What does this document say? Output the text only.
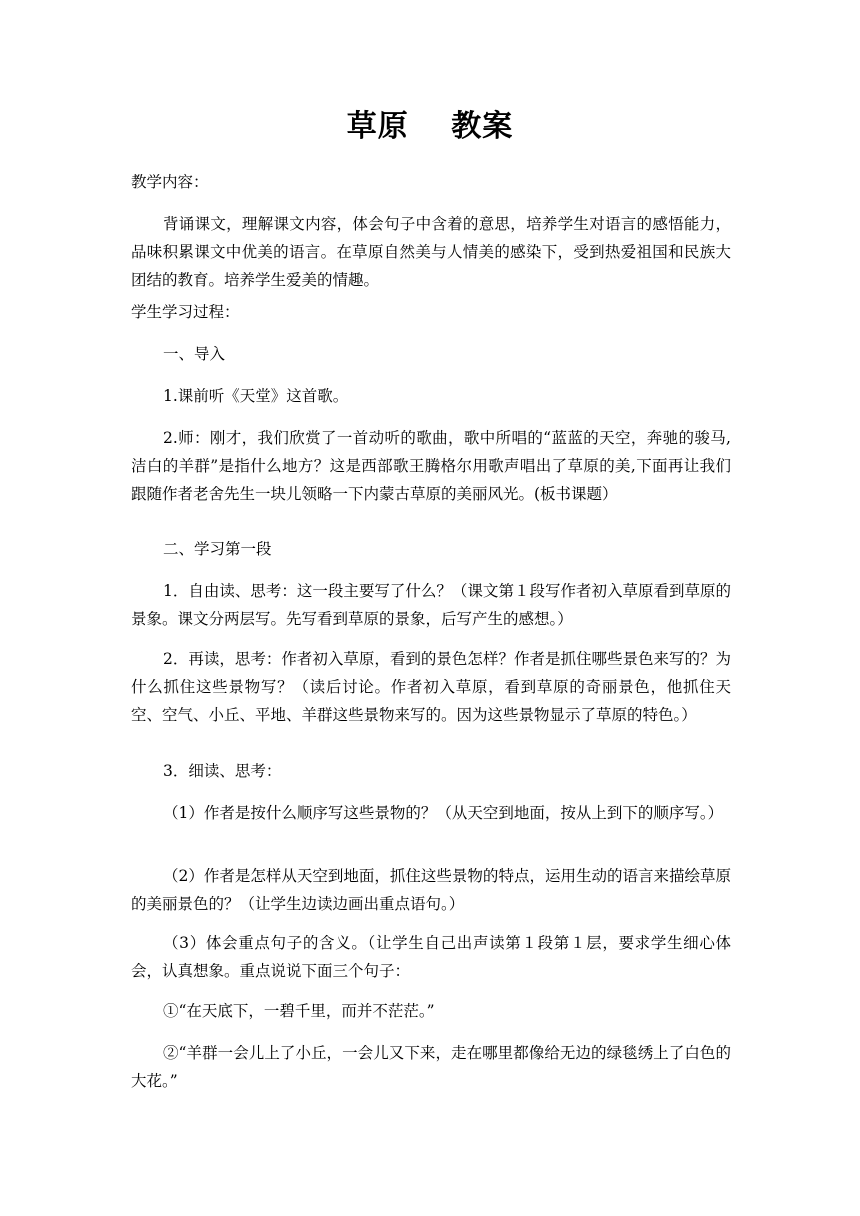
草原　 教案

教学内容：

背诵课文，理解课文内容，体会句子中含着的意思，培养学生对语言的感悟能力，品味积累课文中优美的语言。在草原自然美与人情美的感染下，受到热爱祖国和民族大团结的教育。培养学生爱美的情趣。

学生学习过程：

一、导入

1.课前听《天堂》这首歌。

2.师：刚才，我们欣赏了一首动听的歌曲，歌中所唱的“蓝蓝的天空，奔驰的骏马,洁白的羊群”是指什么地方？这是西部歌王腾格尔用歌声唱出了草原的美,下面再让我们跟随作者老舍先生一块儿领略一下内蒙古草原的美丽风光。(板书课题）

二、学习第一段

1．自由读、思考：这一段主要写了什么？（课文第１段写作者初入草原看到草原的景象。课文分两层写。先写看到草原的景象，后写产生的感想。）

2．再读，思考：作者初入草原，看到的景色怎样？作者是抓住哪些景色来写的？为什么抓住这些景物写？（读后讨论。作者初入草原，看到草原的奇丽景色，他抓住天空、空气、小丘、平地、羊群这些景物来写的。因为这些景物显示了草原的特色。）

3．细读、思考：

（1）作者是按什么顺序写这些景物的？（从天空到地面，按从上到下的顺序写。）

（2）作者是怎样从天空到地面，抓住这些景物的特点，运用生动的语言来描绘草原的美丽景色的？（让学生边读边画出重点语句。）

（3）体会重点句子的含义。（让学生自己出声读第１段第１层，要求学生细心体会，认真想象。重点说说下面三个句子：

①“在天底下，一碧千里，而并不茫茫。”

②“羊群一会儿上了小丘，一会儿又下来，走在哪里都像给无边的绿毯绣上了白色的大花。”
